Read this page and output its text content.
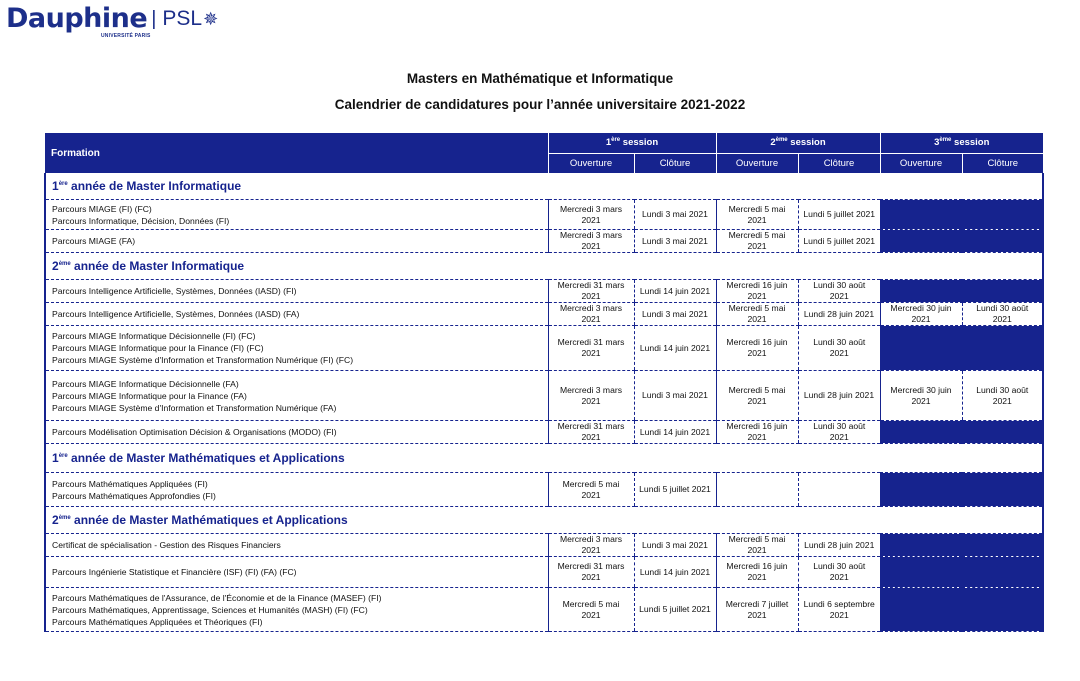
Dauphine
UNIVERSITÉ PARIS
| PSL ✵
Masters en Mathématique et Informatique
Calendrier de candidatures pour l’année universitaire 2021-2022
Formation	1ère session		2ème session		3ème session	
	Ouverture	Clôture	Ouverture	Clôture	Ouverture	Clôture
1ère année de Master Informatique						

Parcours MIAGE (FI) (FC)
Parcours Informatique, Décision, Données (FI)	Mercredi 3 mars 2021	Lundi 3 mai 2021	Mercredi 5 mai 2021	Lundi 5 juillet 2021		

Parcours MIAGE (FA)	Mercredi 3 mars 2021	Lundi 3 mai 2021	Mercredi 5 mai 2021	Lundi 5 juillet 2021		
2ème année de Master Informatique						

Parcours Intelligence Artificielle, Systèmes, Données (IASD) (FI)	Mercredi 31 mars 2021	Lundi 14 juin 2021	Mercredi 16 juin 2021	Lundi 30 août 2021		

Parcours Intelligence Artificielle, Systèmes, Données (IASD) (FA)	Mercredi 3 mars 2021	Lundi 3 mai 2021	Mercredi 5 mai 2021	Lundi 28 juin 2021	Mercredi 30 juin 2021	Lundi 30 août 2021

Parcours MIAGE Informatique Décisionnelle (FI) (FC)
Parcours MIAGE Informatique pour la Finance (FI) (FC)
Parcours MIAGE Système d'Information et Transformation Numérique (FI) (FC)	Mercredi 31 mars 2021	Lundi 14 juin 2021	Mercredi 16 juin 2021	Lundi 30 août 2021		

Parcours MIAGE Informatique Décisionnelle (FA)
Parcours MIAGE Informatique pour la Finance (FA)
Parcours MIAGE Système d'Information et Transformation Numérique (FA)	Mercredi 3 mars 2021	Lundi 3 mai 2021	Mercredi 5 mai 2021	Lundi 28 juin 2021	Mercredi 30 juin 2021	Lundi 30 août 2021

Parcours Modélisation Optimisation Décision & Organisations (MODO) (FI)	Mercredi 31 mars 2021	Lundi 14 juin 2021	Mercredi 16 juin 2021	Lundi 30 août 2021		
1ère année de Master Mathématiques et Applications						

Parcours Mathématiques Appliquées (FI)
Parcours Mathématiques Approfondies (FI)	Mercredi 5 mai 2021	Lundi 5 juillet 2021				
2ème année de Master Mathématiques et Applications						

Certificat de spécialisation - Gestion des Risques Financiers	Mercredi 3 mars 2021	Lundi 3 mai 2021	Mercredi 5 mai 2021	Lundi 28 juin 2021		

Parcours Ingénierie Statistique et Financière (ISF) (FI) (FA) (FC)	Mercredi 31 mars 2021	Lundi 14 juin 2021	Mercredi 16 juin 2021	Lundi 30 août 2021		

Parcours Mathématiques de l'Assurance, de l'Économie et de la Finance (MASEF) (FI)
Parcours Mathématiques, Apprentissage, Sciences et Humanités (MASH) (FI) (FC)
Parcours Mathématiques Appliquées et Théoriques (FI)	Mercredi 5 mai 2021	Lundi 5 juillet 2021	Mercredi 7 juillet 2021	Lundi 6 septembre 2021		
